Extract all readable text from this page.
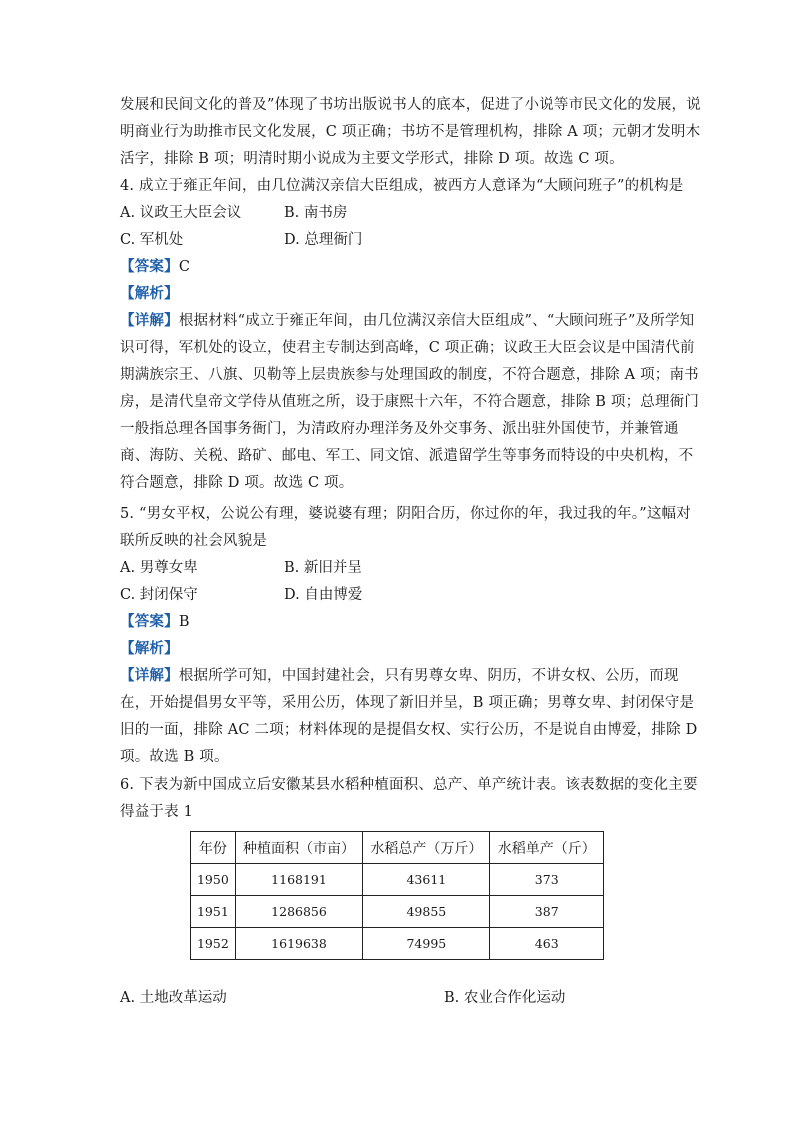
发展和民间文化的普及”体现了书坊出版说书人的底本，促进了小说等市民文化的发展，说
明商业行为助推市民文化发展，C 项正确；书坊不是管理机构，排除 A 项；元朝才发明木
活字，排除 B 项；明清时期小说成为主要文学形式，排除 D 项。故选 C 项。
4. 成立于雍正年间，由几位满汉亲信大臣组成，被西方人意译为“大顾问班子”的机构是
A. 议政王大臣会议	B. 南书房
C. 军机处	D. 总理衙门
【答案】C
【解析】
【详解】根据材料“成立于雍正年间，由几位满汉亲信大臣组成”、“大顾问班子”及所学知
识可得，军机处的设立，使君主专制达到高峰，C 项正确；议政王大臣会议是中国清代前
期满族宗王、八旗、贝勒等上层贵族参与处理国政的制度，不符合题意，排除 A 项；南书
房，是清代皇帝文学侍从值班之所，设于康熙十六年，不符合题意，排除 B 项；总理衙门
一般指总理各国事务衙门，为清政府办理洋务及外交事务、派出驻外国使节，并兼管通
商、海防、关税、路矿、邮电、军工、同文馆、派遣留学生等事务而特设的中央机构，不
符合题意，排除 D 项。故选 C 项。
5. “男女平权，公说公有理，婆说婆有理；阴阳合历，你过你的年，我过我的年。”这幅对
联所反映的社会风貌是
A. 男尊女卑	B. 新旧并呈
C. 封闭保守	D. 自由博爱
【答案】B
【解析】
【详解】根据所学可知，中国封建社会，只有男尊女卑、阴历，不讲女权、公历，而现
在，开始提倡男女平等，采用公历，体现了新旧并呈，B 项正确；男尊女卑、封闭保守是
旧的一面，排除 AC 二项；材料体现的是提倡女权、实行公历，不是说自由博爱，排除 D
项。故选 B 项。
6. 下表为新中国成立后安徽某县水稻种植面积、总产、单产统计表。该表数据的变化主要
得益于表 1
年份	种植面积（市亩）	水稻总产（万斤）	水稻单产（斤）
1950	1168191	43611	373
1951	1286856	49855	387
1952	1619638	74995	463
A. 土地改革运动	B. 农业合作化运动
